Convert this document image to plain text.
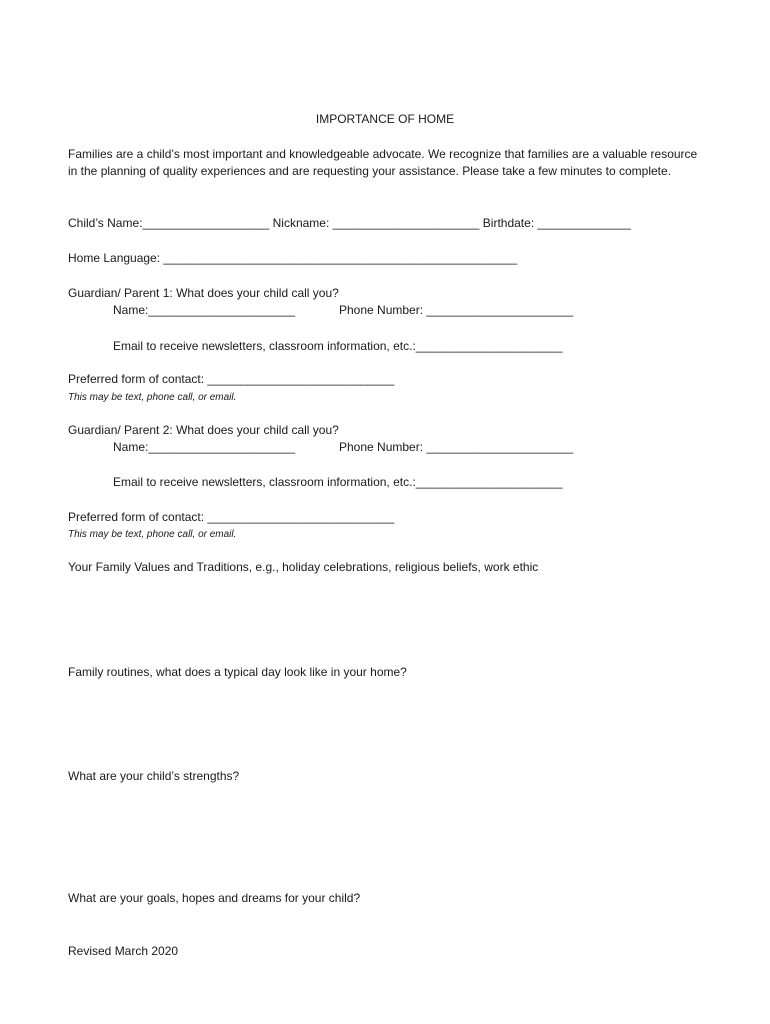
IMPORTANCE OF HOME
Families are a child’s most important and knowledgeable advocate. We recognize that families are a valuable resource in the planning of quality experiences and are requesting your assistance. Please take a few minutes to complete.
Child’s Name:___________________ Nickname: ______________________ Birthdate: ______________
Home Language: _____________________________________________________
Guardian/ Parent 1: What does your child call you?
Name:______________________	Phone Number: ______________________
Email to receive newsletters, classroom information, etc.:______________________
Preferred form of contact: ____________________________
This may be text, phone call, or email.
Guardian/ Parent 2: What does your child call you?
Name:______________________	Phone Number: ______________________
Email to receive newsletters, classroom information, etc.:______________________
Preferred form of contact: ____________________________
This may be text, phone call, or email.
Your Family Values and Traditions, e.g., holiday celebrations, religious beliefs, work ethic
Family routines, what does a typical day look like in your home?
What are your child’s strengths?
What are your goals, hopes and dreams for your child?
Revised March 2020
